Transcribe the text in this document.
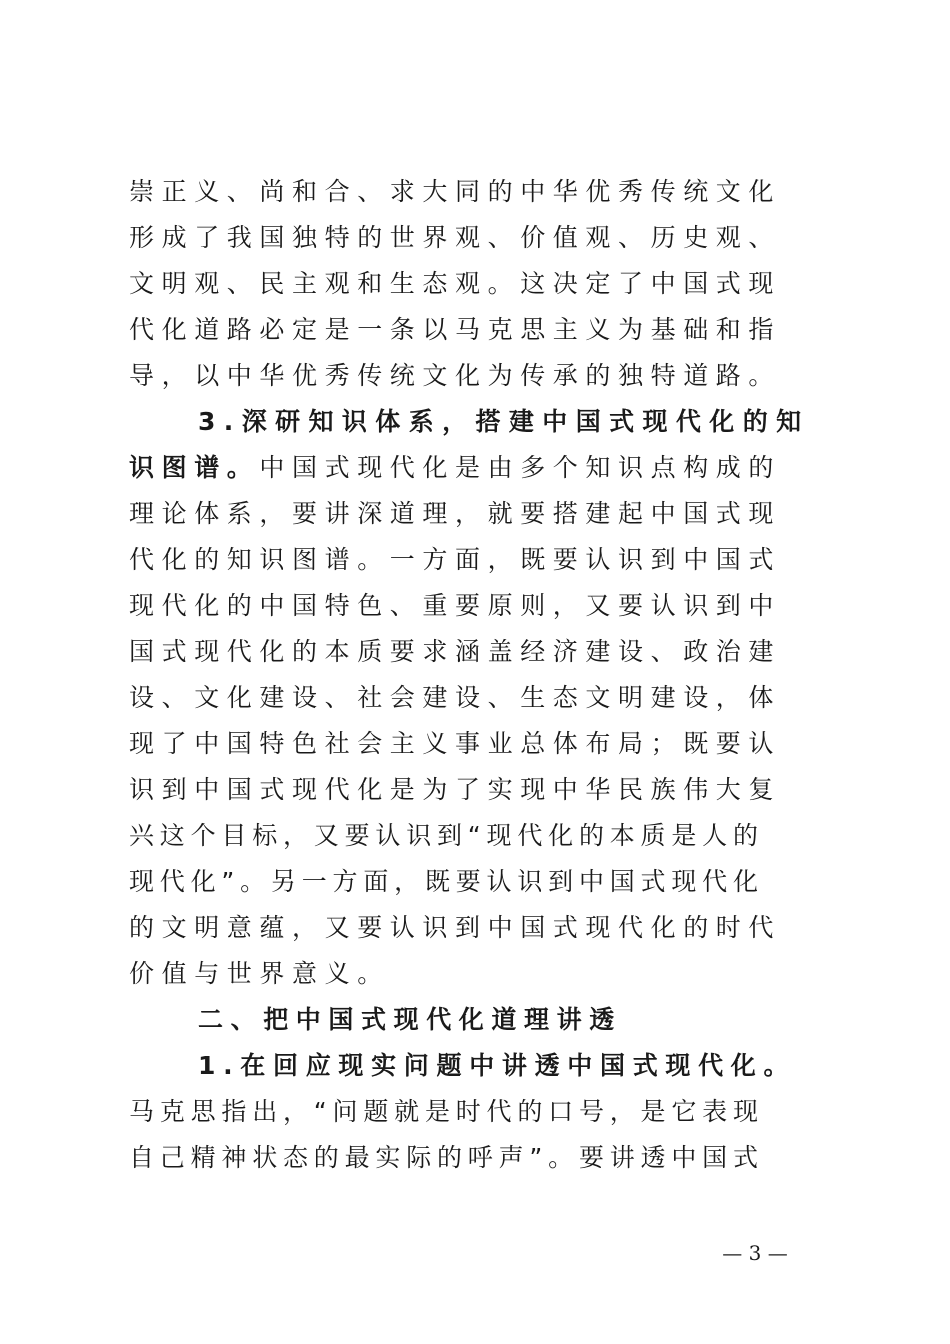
崇正义、尚和合、求大同的中华优秀传统文化
形成了我国独特的世界观、价值观、历史观、
文明观、民主观和生态观。这决定了中国式现
代化道路必定是一条以马克思主义为基础和指
导，以中华优秀传统文化为传承的独特道路。
3.深研知识体系，搭建中国式现代化的知
识图谱。中国式现代化是由多个知识点构成的
理论体系，要讲深道理，就要搭建起中国式现
代化的知识图谱。一方面，既要认识到中国式
现代化的中国特色、重要原则，又要认识到中
国式现代化的本质要求涵盖经济建设、政治建
设、文化建设、社会建设、生态文明建设，体
现了中国特色社会主义事业总体布局；既要认
识到中国式现代化是为了实现中华民族伟大复
兴这个目标，又要认识到“现代化的本质是人的
现代化”。另一方面，既要认识到中国式现代化
的文明意蕴，又要认识到中国式现代化的时代
价值与世界意义。
二、把中国式现代化道理讲透
1.在回应现实问题中讲透中国式现代化。
马克思指出，“问题就是时代的口号，是它表现
自己精神状态的最实际的呼声”。要讲透中国式
— 3 —
